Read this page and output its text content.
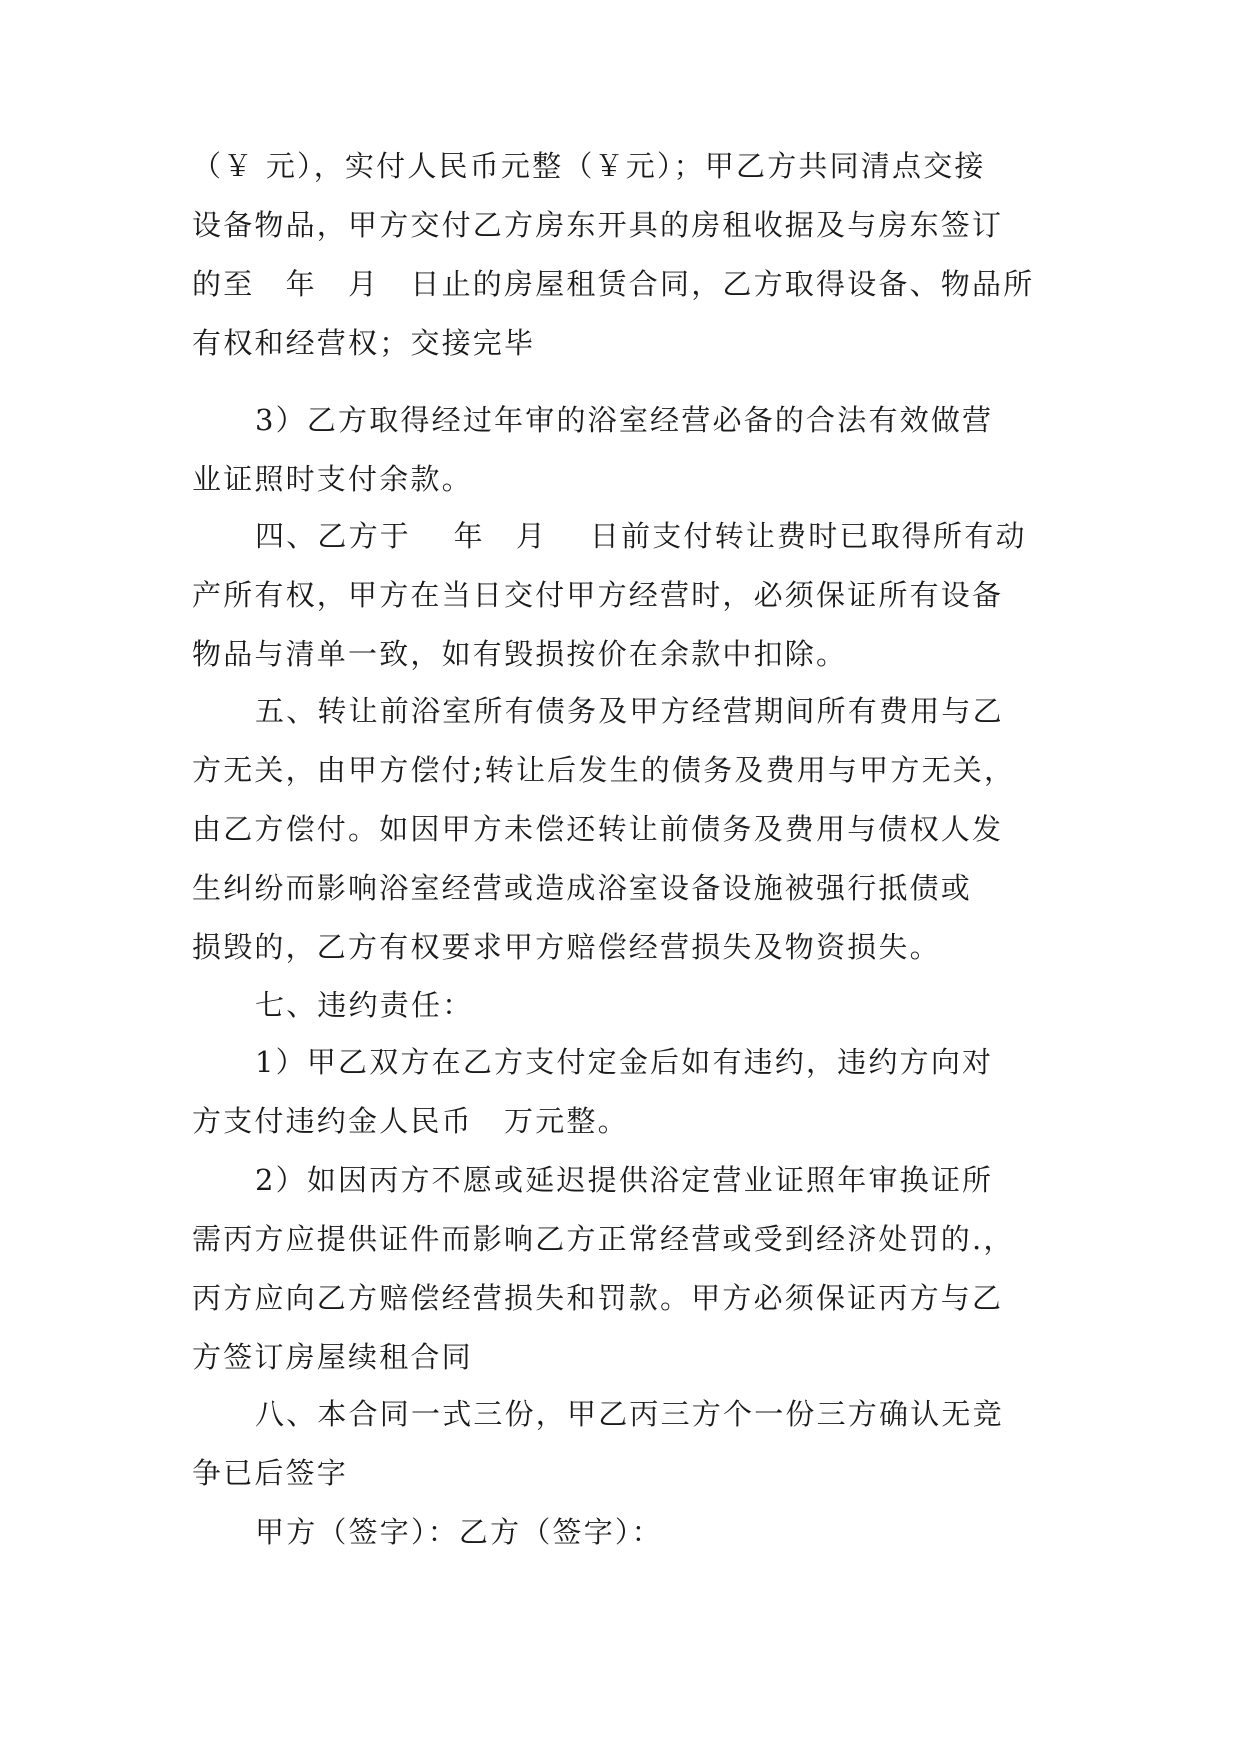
（￥ 元），实付人民币元整（￥元）；甲乙方共同清点交接
设备物品，甲方交付乙方房东开具的房租收据及与房东签订
的至　年　月　日止的房屋租赁合同，乙方取得设备、物品所
有权和经营权；交接完毕
3）乙方取得经过年审的浴室经营必备的合法有效做营
业证照时支付余款。
四、乙方于　 年　月　 日前支付转让费时已取得所有动
产所有权，甲方在当日交付甲方经营时，必须保证所有设备
物品与清单一致，如有毁损按价在余款中扣除。
五、转让前浴室所有债务及甲方经营期间所有费用与乙
方无关，由甲方偿付;转让后发生的债务及费用与甲方无关，
由乙方偿付。如因甲方未偿还转让前债务及费用与债权人发
生纠纷而影响浴室经营或造成浴室设备设施被强行抵债或
损毁的，乙方有权要求甲方赔偿经营损失及物资损失。
七、违约责任：
1）甲乙双方在乙方支付定金后如有违约，违约方向对
方支付违约金人民币　万元整。
2）如因丙方不愿或延迟提供浴定营业证照年审换证所
需丙方应提供证件而影响乙方正常经营或受到经济处罚的.，
丙方应向乙方赔偿经营损失和罚款。甲方必须保证丙方与乙
方签订房屋续租合同
八、本合同一式三份，甲乙丙三方个一份三方确认无竞
争已后签字
甲方（签字）：乙方（签字）：
